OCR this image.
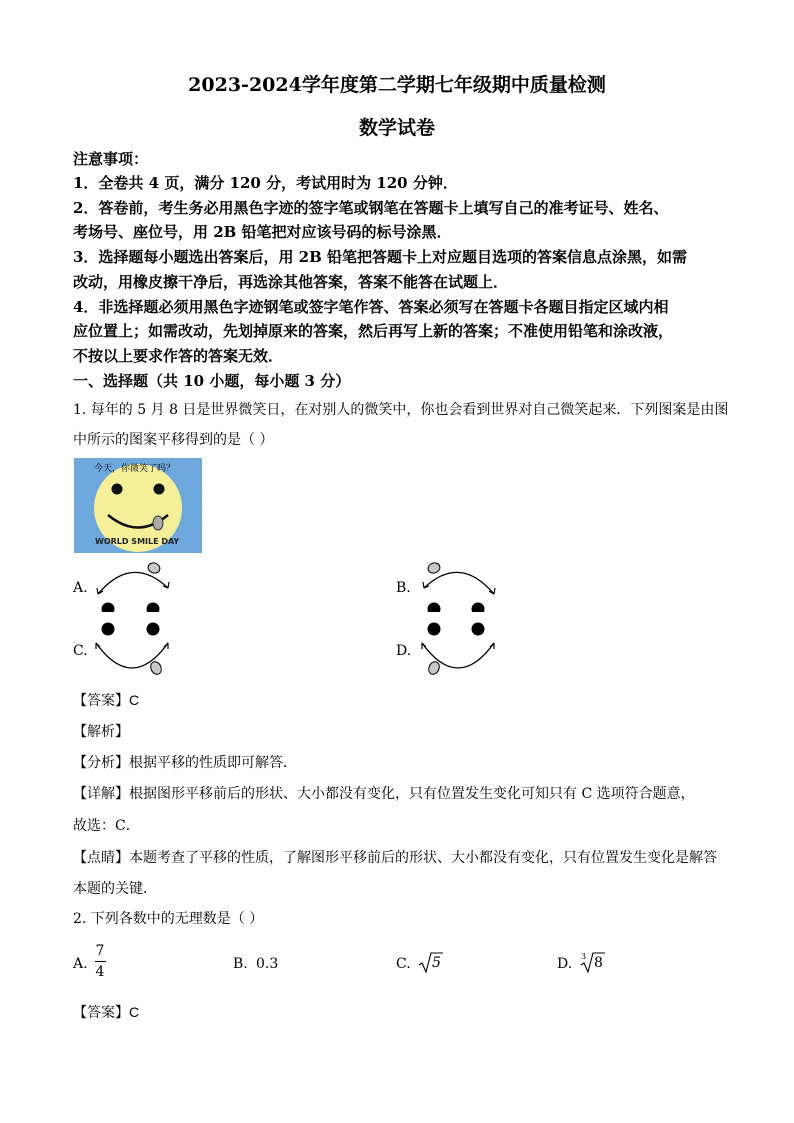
2023-2024学年度第二学期七年级期中质量检测
数学试卷
注意事项：
1．全卷共 4 页，满分 120 分，考试用时为 120 分钟．
2．答卷前，考生务必用黑色字迹的签字笔或钢笔在答题卡上填写自己的准考证号、姓名、
考场号、座位号，用 2B 铅笔把对应该号码的标号涂黑．
3．选择题每小题选出答案后，用 2B 铅笔把答题卡上对应题目选项的答案信息点涂黑，如需
改动，用橡皮擦干净后，再选涂其他答案，答案不能答在试题上．
4．非选择题必须用黑色字迹钢笔或签字笔作答、答案必须写在答题卡各题目指定区域内相
应位置上；如需改动，先划掉原来的答案，然后再写上新的答案；不准使用铅笔和涂改液，
不按以上要求作答的答案无效．
一、选择题（共 10 小题，每小题 3 分）
1. 每年的 5 月 8 日是世界微笑日，在对别人的微笑中，你也会看到世界对自己微笑起来．下列图案是由图
中所示的图案平移得到的是（ ）
今天，你微笑了吗？
WORLD SMILE DAY
A.	B.
C.	D.
【答案】C
【解析】
【分析】根据平移的性质即可解答．
【详解】根据图形平移前后的形状、大小都没有变化，只有位置发生变化可知只有 C 选项符合题意，
故选：C．
【点睛】本题考查了平移的性质，了解图形平移前后的形状、大小都没有变化，只有位置发生变化是解答
本题的关键．
2. 下列各数中的无理数是（ ）
A.
7
4	B. 0.3	C. 5	D. 3 8
【答案】C
